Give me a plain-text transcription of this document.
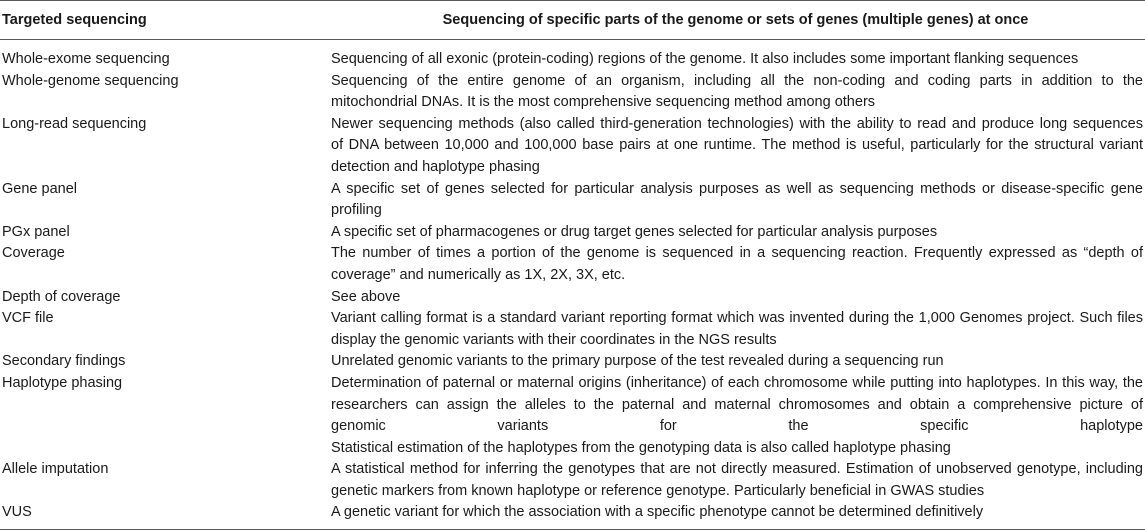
Targeted sequencing	Sequencing of specific parts of the genome or sets of genes (multiple genes) at once
Whole-exome sequencing	Sequencing of all exonic (protein-coding) regions of the genome. It also includes some important flanking sequences
Whole-genome sequencing	Sequencing of the entire genome of an organism, including all the non-coding and coding parts in addition to the
mitochondrial DNAs. It is the most comprehensive sequencing method among others
Long-read sequencing	Newer sequencing methods (also called third-generation technologies) with the ability to read and produce long sequences
of DNA between 10,000 and 100,000 base pairs at one runtime. The method is useful, particularly for the structural variant
detection and haplotype phasing
Gene panel	A specific set of genes selected for particular analysis purposes as well as sequencing methods or disease-specific gene
profiling
PGx panel	A specific set of pharmacogenes or drug target genes selected for particular analysis purposes
Coverage	The number of times a portion of the genome is sequenced in a sequencing reaction. Frequently expressed as “depth of
coverage” and numerically as 1X, 2X, 3X, etc.
Depth of coverage	See above
VCF file	Variant calling format is a standard variant reporting format which was invented during the 1,000 Genomes project. Such files
display the genomic variants with their coordinates in the NGS results
Secondary findings	Unrelated genomic variants to the primary purpose of the test revealed during a sequencing run
Haplotype phasing	Determination of paternal or maternal origins (inheritance) of each chromosome while putting into haplotypes. In this way, the
researchers can assign the alleles to the paternal and maternal chromosomes and obtain a comprehensive picture of
genomic variants for the specific haplotype
Statistical estimation of the haplotypes from the genotyping data is also called haplotype phasing
Allele imputation	A statistical method for inferring the genotypes that are not directly measured. Estimation of unobserved genotype, including
genetic markers from known haplotype or reference genotype. Particularly beneficial in GWAS studies
VUS	A genetic variant for which the association with a specific phenotype cannot be determined definitively
